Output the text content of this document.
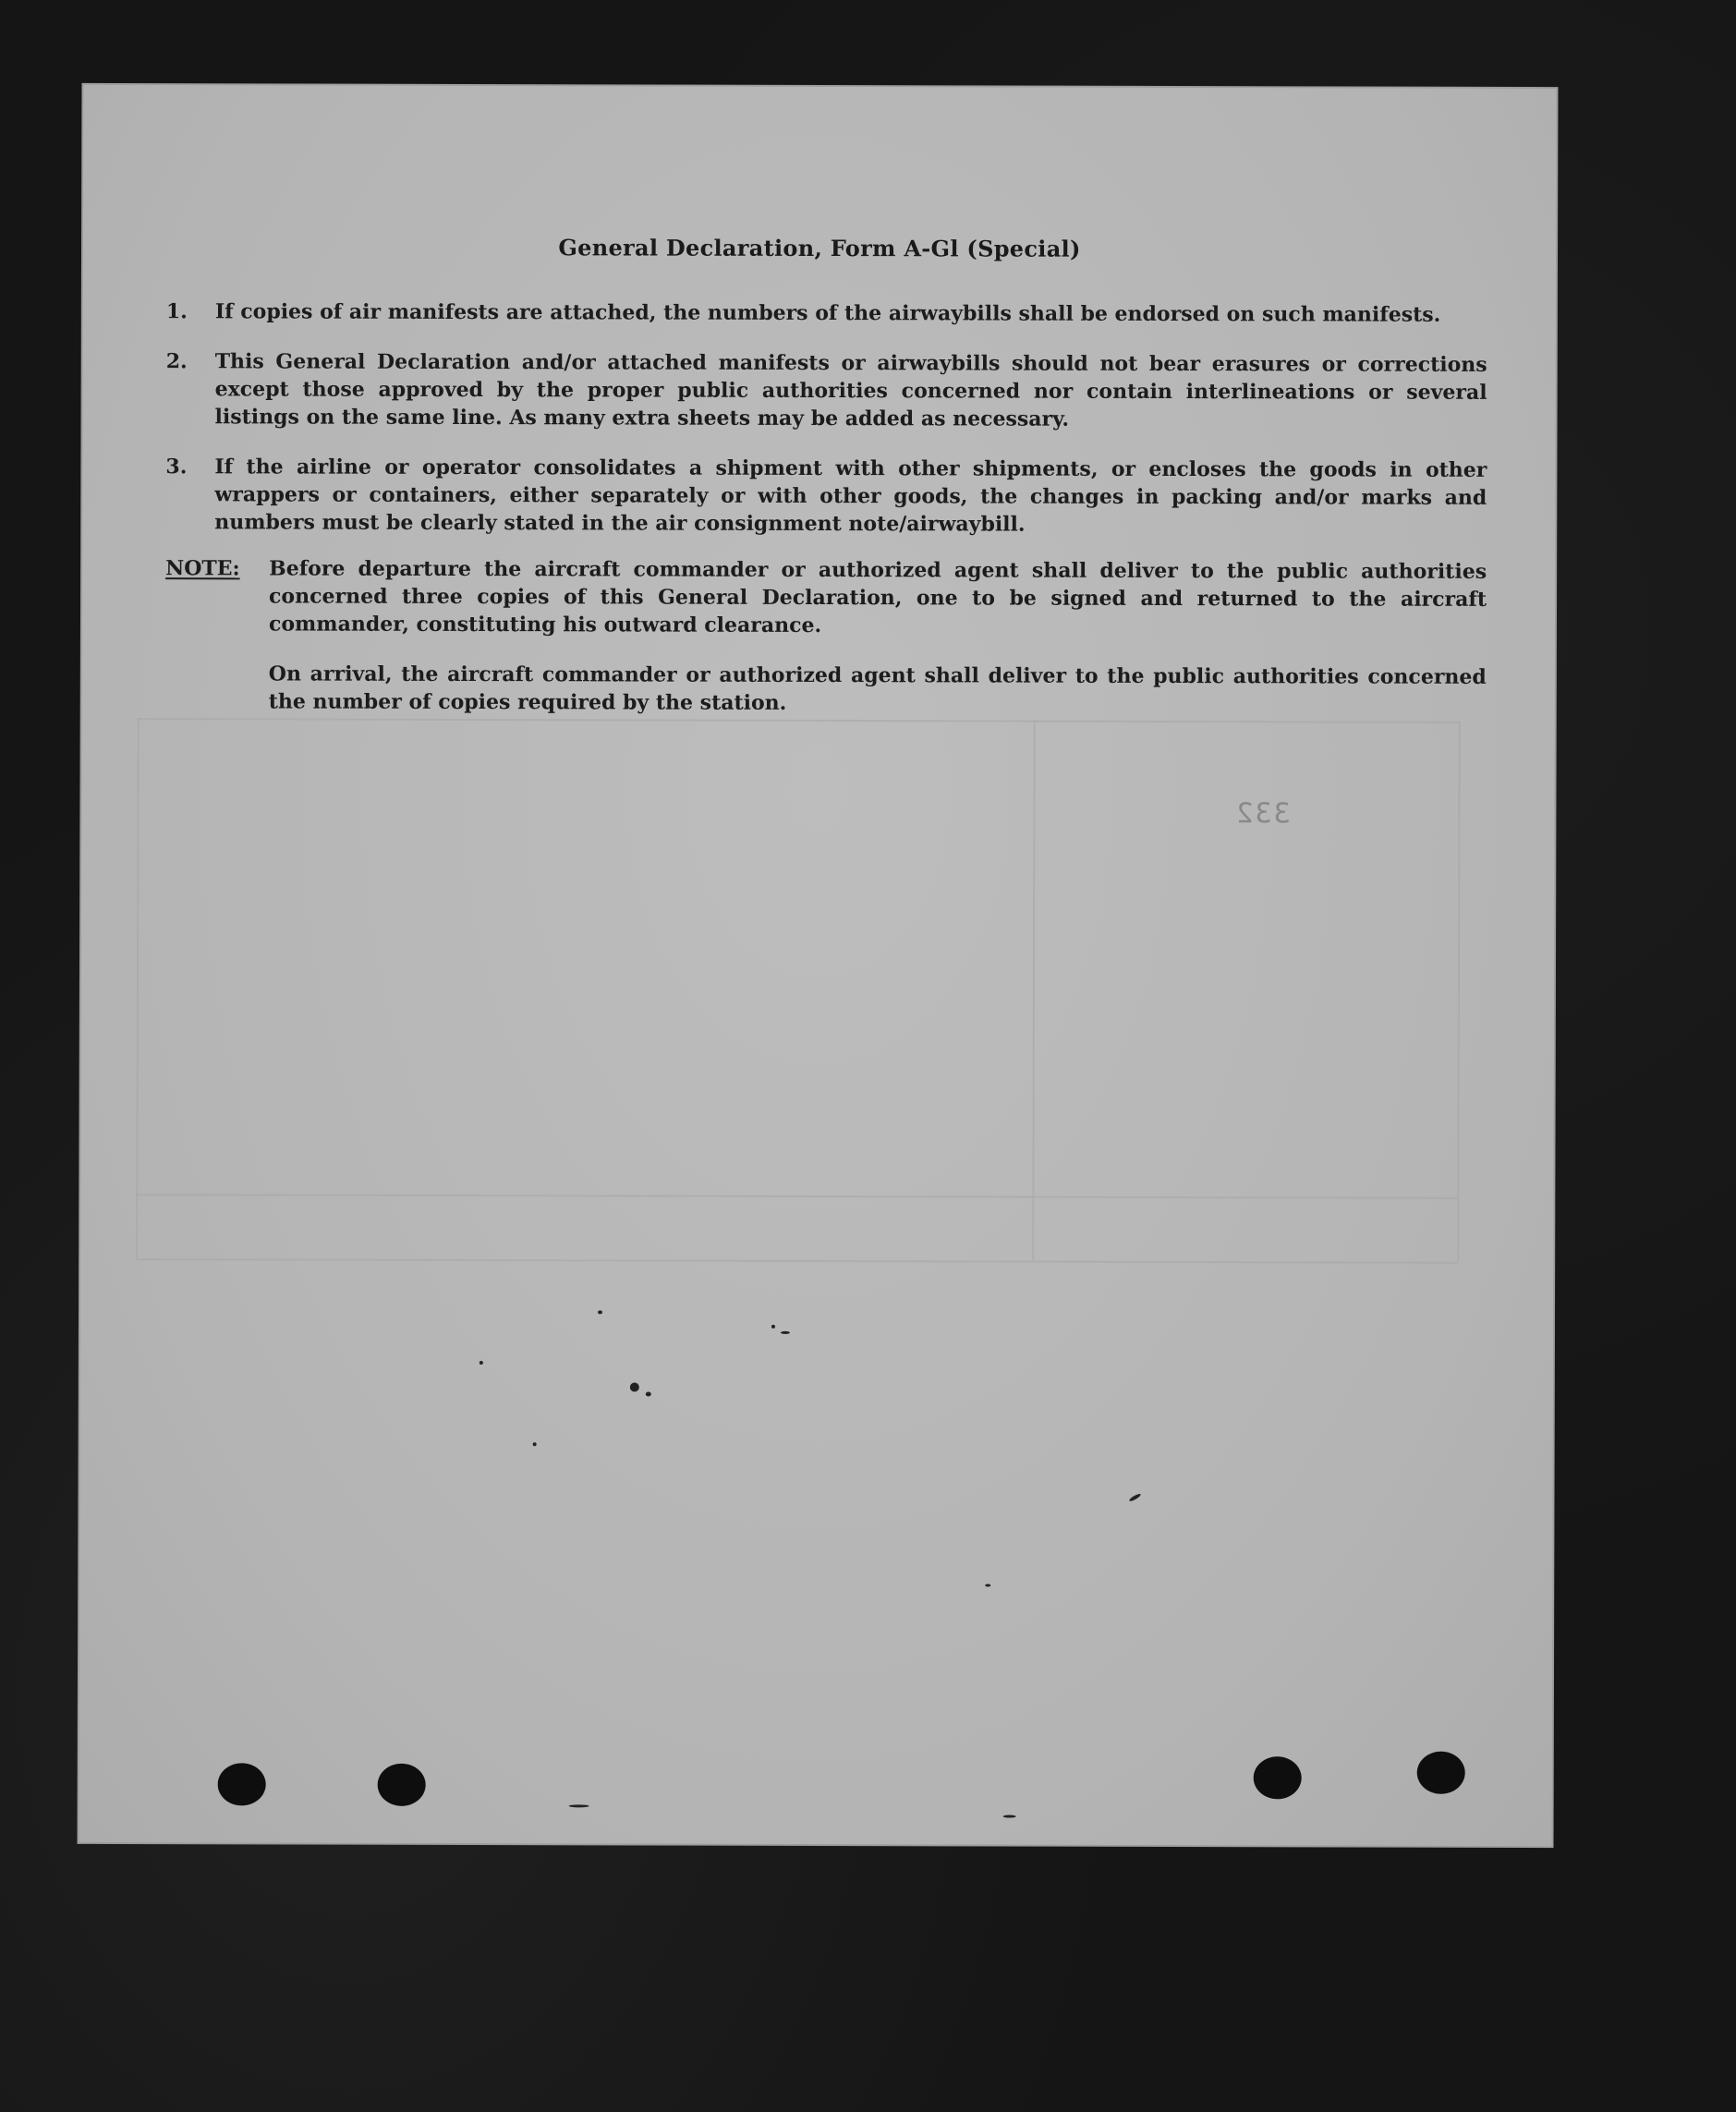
General Declaration, Form A-Gl (Special)
1.	If copies of air manifests are attached, the numbers of the airwaybills shall be endorsed on such manifests.
2.	This General Declaration and/or attached manifests or airwaybills should not bear erasures or corrections except those approved by the proper public authorities concerned nor contain interlineations or several listings on the same line. As many extra sheets may be added as necessary.
3.	If the airline or operator consolidates a shipment with other shipments, or encloses the goods in other wrappers or containers, either separately or with other goods, the changes in packing and/or marks and numbers must be clearly stated in the air consignment note/airwaybill.
NOTE:	Before departure the aircraft commander or authorized agent shall deliver to the public authorities concerned three copies of this General Declaration, one to be signed and returned to the aircraft commander, constituting his outward clearance.
On arrival, the aircraft commander or authorized agent shall deliver to the public authorities concerned the number of copies required by the station.
332
